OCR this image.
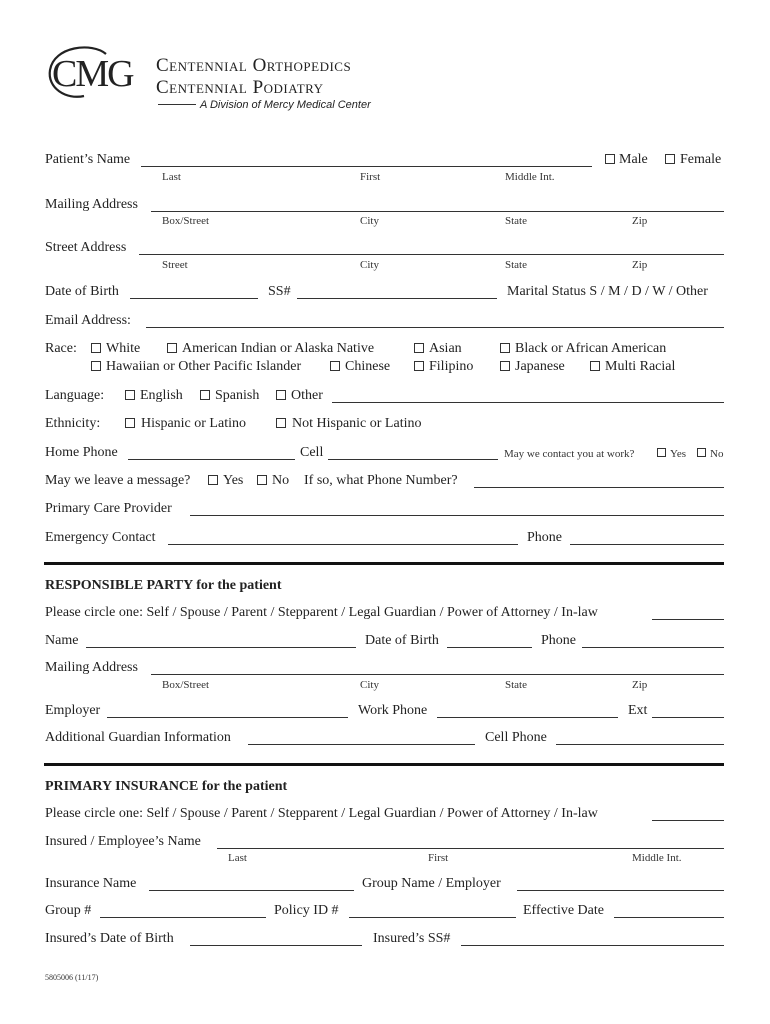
CMG Centennial Orthopedics
Centennial Podiatry
A Division of Mercy Medical Center
Patient’s Name
Last	First	Middle Int.
Male Female
Mailing Address
Box/Street	City	State	Zip
Street Address
Street	City	State	Zip
Date of Birth	SS#	Marital Status S / M / D / W / Other
Email Address:
Race: White	American Indian or Alaska Native	Asian	Black or African American
Hawaiian or Other Pacific Islander	Chinese	Filipino	Japanese	Multi Racial
Language:	English Spanish Other
Ethnicity:	Hispanic or Latino	Not Hispanic or Latino
Home Phone	Cell	May we contact you at work?	Yes No
May we leave a message? Yes No If so, what Phone Number?
Primary Care Provider
Emergency Contact	Phone
RESPONSIBLE PARTY for the patient
Please circle one: Self / Spouse / Parent / Stepparent / Legal Guardian / Power of Attorney / In-law
Name	Date of Birth	Phone
Mailing Address
Box/Street	City	State	Zip
Employer	Work Phone	Ext
Additional Guardian Information	Cell Phone
PRIMARY INSURANCE for the patient
Please circle one: Self / Spouse / Parent / Stepparent / Legal Guardian / Power of Attorney / In-law
Insured / Employee’s Name
Last	First	Middle Int.
Insurance Name	Group Name / Employer
Group #	Policy ID #	Effective Date
Insured’s Date of Birth	Insured’s SS#
5805006 (11/17)
